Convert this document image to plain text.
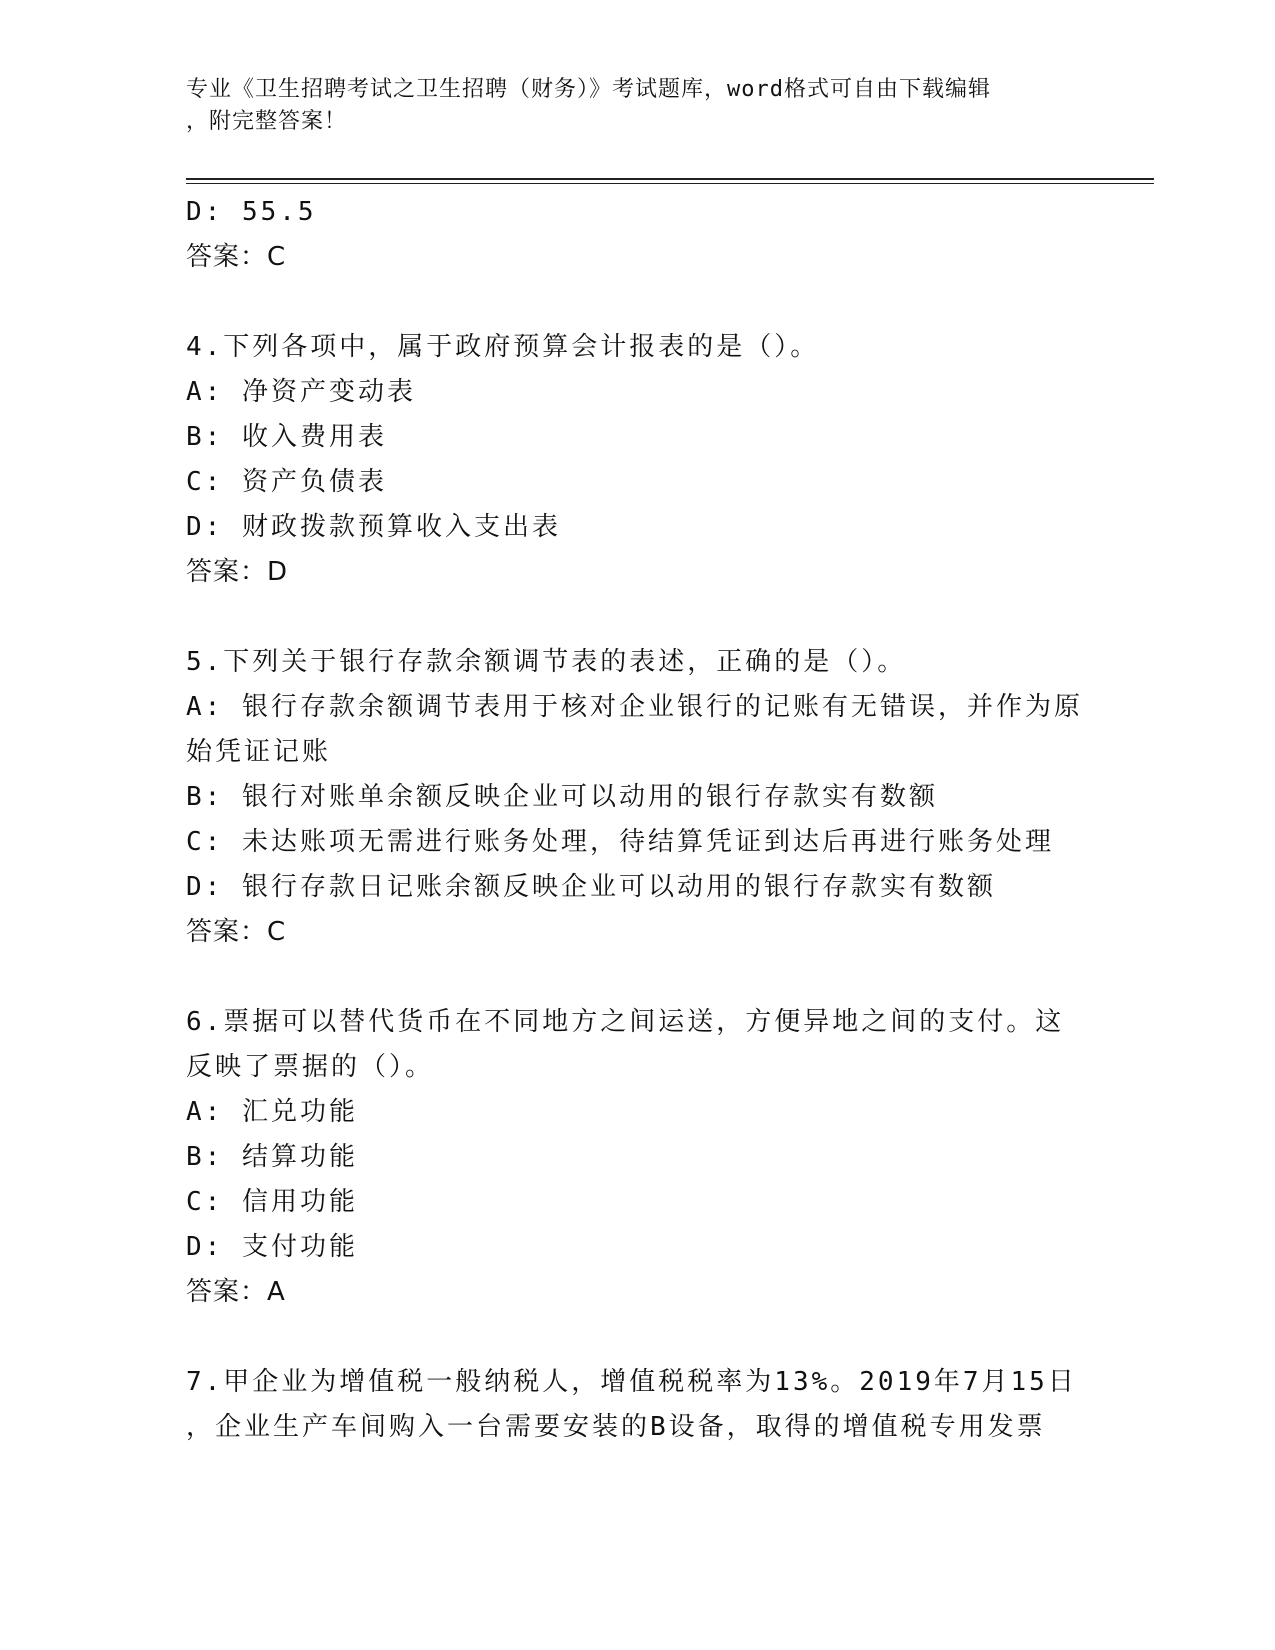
专业《卫生招聘考试之卫生招聘（财务）》考试题库，word格式可自由下载编辑
，附完整答案！
D: 55.5
答案：C
4.下列各项中，属于政府预算会计报表的是（）。
A: 净资产变动表
B: 收入费用表
C: 资产负债表
D: 财政拨款预算收入支出表
答案：D
5.下列关于银行存款余额调节表的表述，正确的是（）。
A: 银行存款余额调节表用于核对企业银行的记账有无错误，并作为原
始凭证记账
B: 银行对账单余额反映企业可以动用的银行存款实有数额
C: 未达账项无需进行账务处理，待结算凭证到达后再进行账务处理
D: 银行存款日记账余额反映企业可以动用的银行存款实有数额
答案：C
6.票据可以替代货币在不同地方之间运送，方便异地之间的支付。这
反映了票据的（）。
A: 汇兑功能
B: 结算功能
C: 信用功能
D: 支付功能
答案：A
7.甲企业为增值税一般纳税人，增值税税率为13%。2019年7月15日
，企业生产车间购入一台需要安装的B设备，取得的增值税专用发票
